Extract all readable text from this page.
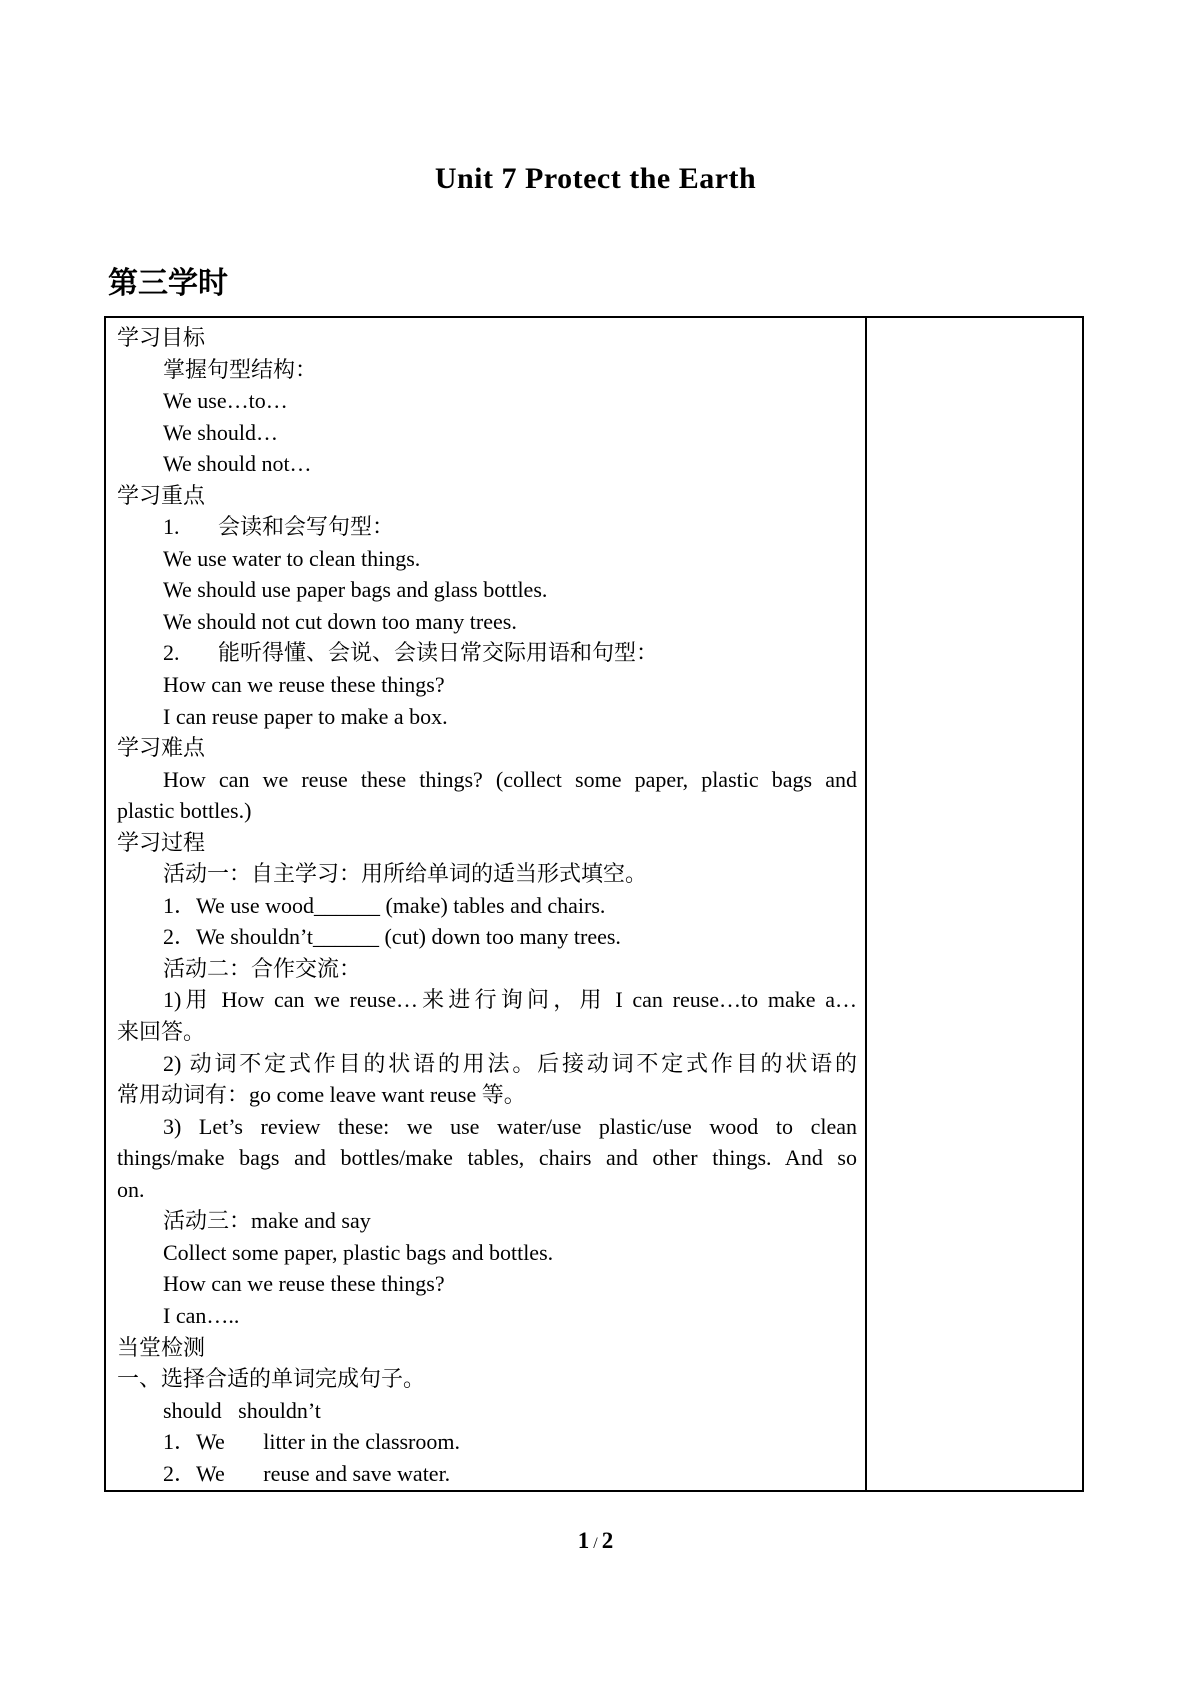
Unit 7 Protect the Earth
第三学时
学习目标
掌握句型结构：
We use…to…
We should…
We should not…
学习重点
1.       会读和会写句型：
We use water to clean things.
We should use paper bags and glass bottles.
We should not cut down too many trees.
2.       能听得懂、会说、会读日常交际用语和句型：
How can we reuse these things?
I can reuse paper to make a box.
学习难点
How can we reuse these things? (collect some paper, plastic bags and
plastic bottles.)
学习过程
活动一：自主学习：用所给单词的适当形式填空。
1．We use wood______ (make) tables and chairs.
2．We shouldn’t______ (cut) down too many trees.
活动二：合作交流：
1)用 How can we reuse…来进行询问，用 I can reuse…to make a…
来回答。
2) 动词不定式作目的状语的用法。后接动词不定式作目的状语的
常用动词有：go come leave want reuse 等。
3) Let’s review these: we use water/use plastic/use wood to clean
things/make bags and bottles/make tables, chairs and other things. And so
on.
活动三：make and say
Collect some paper, plastic bags and bottles.
How can we reuse these things?
I can…..
当堂检测
一、选择合适的单词完成句子。
should   shouldn’t
1．We       litter in the classroom.
2．We       reuse and save water.
1 / 2
